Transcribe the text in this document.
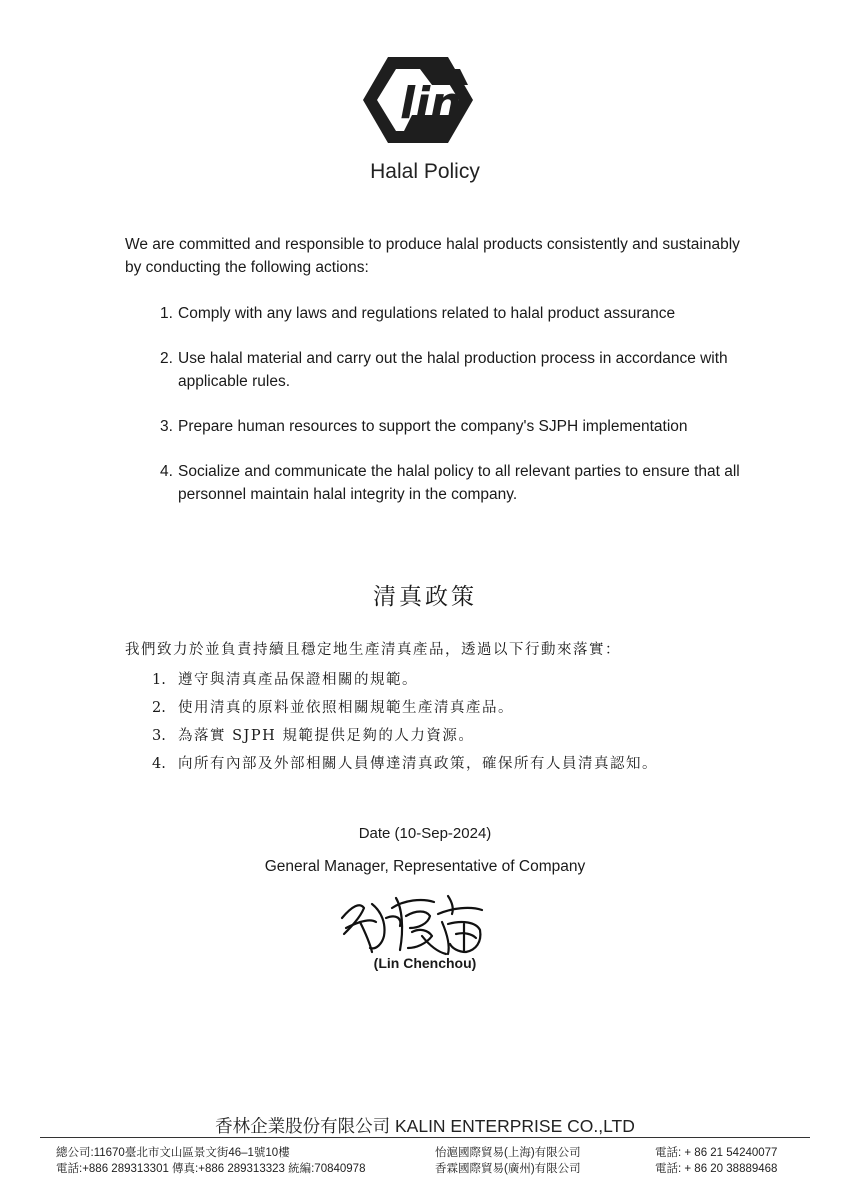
lin
Halal Policy
We are committed and responsible to produce halal products consistently and sustainably by conducting the following actions:
1. Comply with any laws and regulations related to halal product assurance
2. Use halal material and carry out the halal production process in accordance with applicable rules.
3. Prepare human resources to support the company's SJPH implementation
4. Socialize and communicate the halal policy to all relevant parties to ensure that all personnel maintain halal integrity in the company.
清真政策
我們致力於並負責持續且穩定地生產清真產品，透過以下行動來落實：
1. 遵守與清真產品保證相關的規範。
2. 使用清真的原料並依照相關規範生產清真產品。
3. 為落實 SJPH 規範提供足夠的人力資源。
4. 向所有內部及外部相關人員傳達清真政策，確保所有人員清真認知。
Date (10-Sep-2024)
General Manager, Representative of Company
(Lin Chenchou)
香林企業股份有限公司 KALIN ENTERPRISE CO.,LTD
總公司:11670臺北市文山區景文街46–1號10樓
電話:+886 289313301 傳真:+886 289313323 統編:70840978
怡滬國際貿易(上海)有限公司
香霖國際貿易(廣州)有限公司
電話: + 86 21 54240077
電話: + 86 20 38889468
